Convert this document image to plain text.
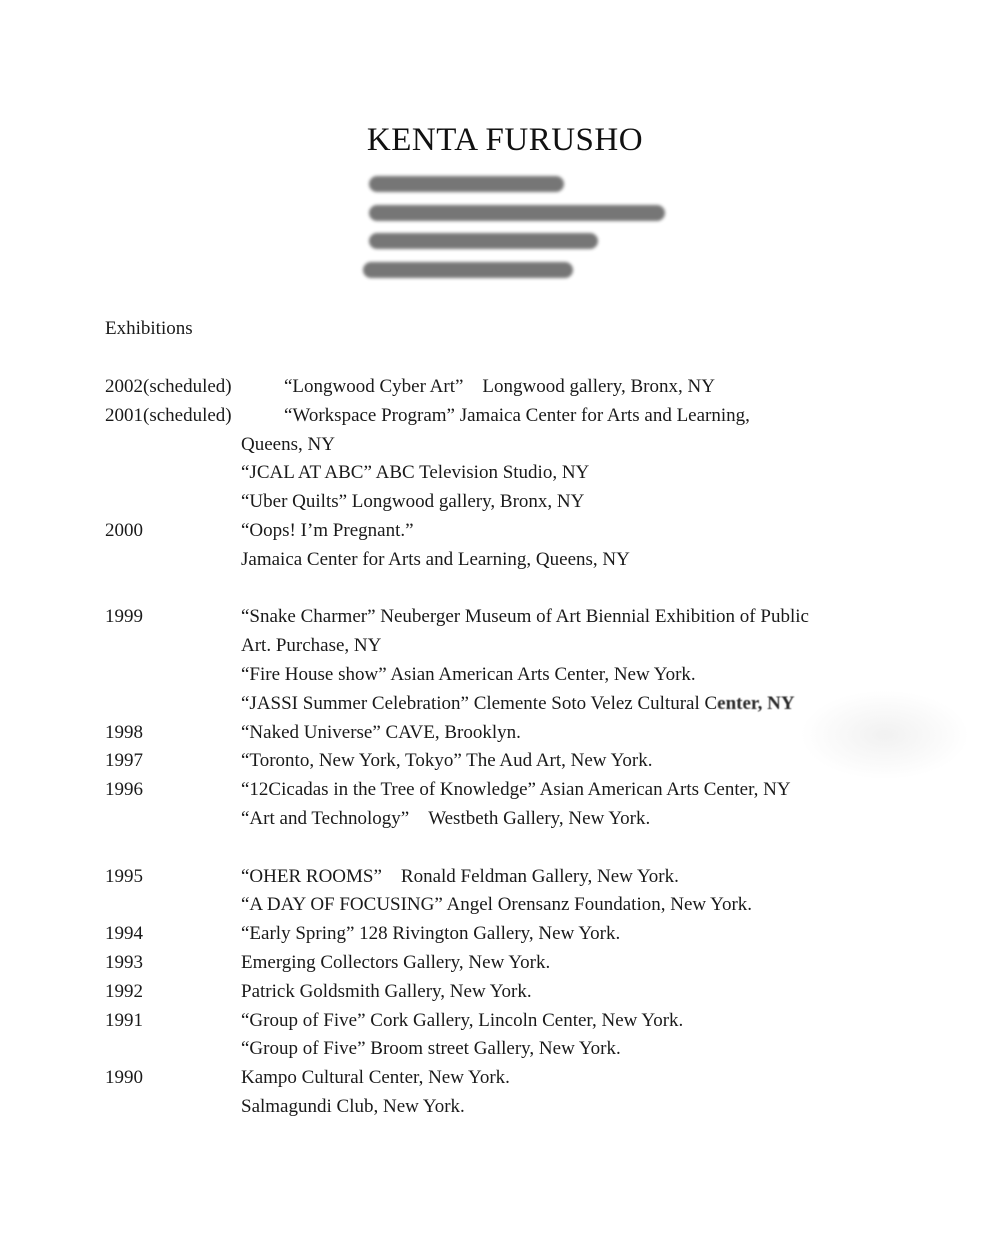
KENTA FURUSHO
Exhibitions
2002(scheduled)	“Longwood Cyber Art”    Longwood gallery, Bronx, NY
2001(scheduled)	“Workspace Program” Jamaica Center for Arts and Learning,
Queens, NY
“JCAL AT ABC” ABC Television Studio, NY
“Uber Quilts” Longwood gallery, Bronx, NY
2000	“Oops! I’m Pregnant.”
Jamaica Center for Arts and Learning, Queens, NY
1999	“Snake Charmer” Neuberger Museum of Art Biennial Exhibition of Public
Art. Purchase, NY
“Fire House show” Asian American Arts Center, New York.
“JASSI Summer Celebration” Clemente Soto Velez Cultural Center, NY
1998	“Naked Universe” CAVE, Brooklyn.
1997	“Toronto, New York, Tokyo” The Aud Art, New York.
1996	“12Cicadas in the Tree of Knowledge” Asian American Arts Center, NY
“Art and Technology”    Westbeth Gallery, New York.
1995	“OHER ROOMS”    Ronald Feldman Gallery, New York.
“A DAY OF FOCUSING” Angel Orensanz Foundation, New York.
1994	“Early Spring” 128 Rivington Gallery, New York.
1993	Emerging Collectors Gallery, New York.
1992	Patrick Goldsmith Gallery, New York.
1991	“Group of Five” Cork Gallery, Lincoln Center, New York.
“Group of Five” Broom street Gallery, New York.
1990	Kampo Cultural Center, New York.
Salmagundi Club, New York.
